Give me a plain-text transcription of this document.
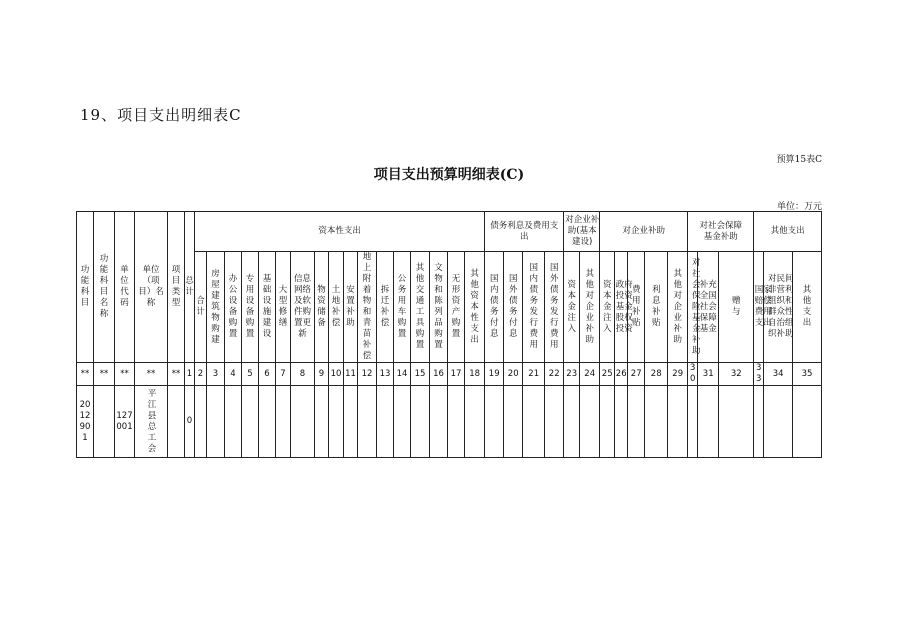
19、项目支出明细表C
预算15表C
项目支出预算明细表(C)
单位：万元
功能科目	功能科目名称	单位代码	单位（项目）名称	项目类型	总计	资本性支出																	债务利息及费用支出				对企业补助(基本建设)		对企业补助					对社会保障基金补助			其他支出		
						合计	房屋建筑物购建	办公设备购置	专用设备购置	基础设施建设	大型修缮	信息网络及软件购置更新	物资储备	土地补偿	安置补助	地上附着物和青苗补偿	拆迁补偿	公务用车购置	其他交通工具购置	文物和陈列品购置	无形资产购置	其他资本性支出	国内债务付息	国外债务付息	国内债务发行费用	国外债务发行费用	资本金注入	其他对企业补助	资本金注入	政府投资基金股权投资	费用补贴	利息补贴	其他对企业补助	对社会保险基金补助	补充全国社会保障基金	赠与	国家赔偿费用支出	对民间非营利组织和群众性自治组织补助	其他支出
**	**	**	**	**	1	2	3	4	5	6	7	8	9	10	11	12	13	14	15	16	17	18	19	20	21	22	23	24	25	26	27	28	29	30	31	32	33	34	35
2012901		127001	平江县总工会		0																																		
